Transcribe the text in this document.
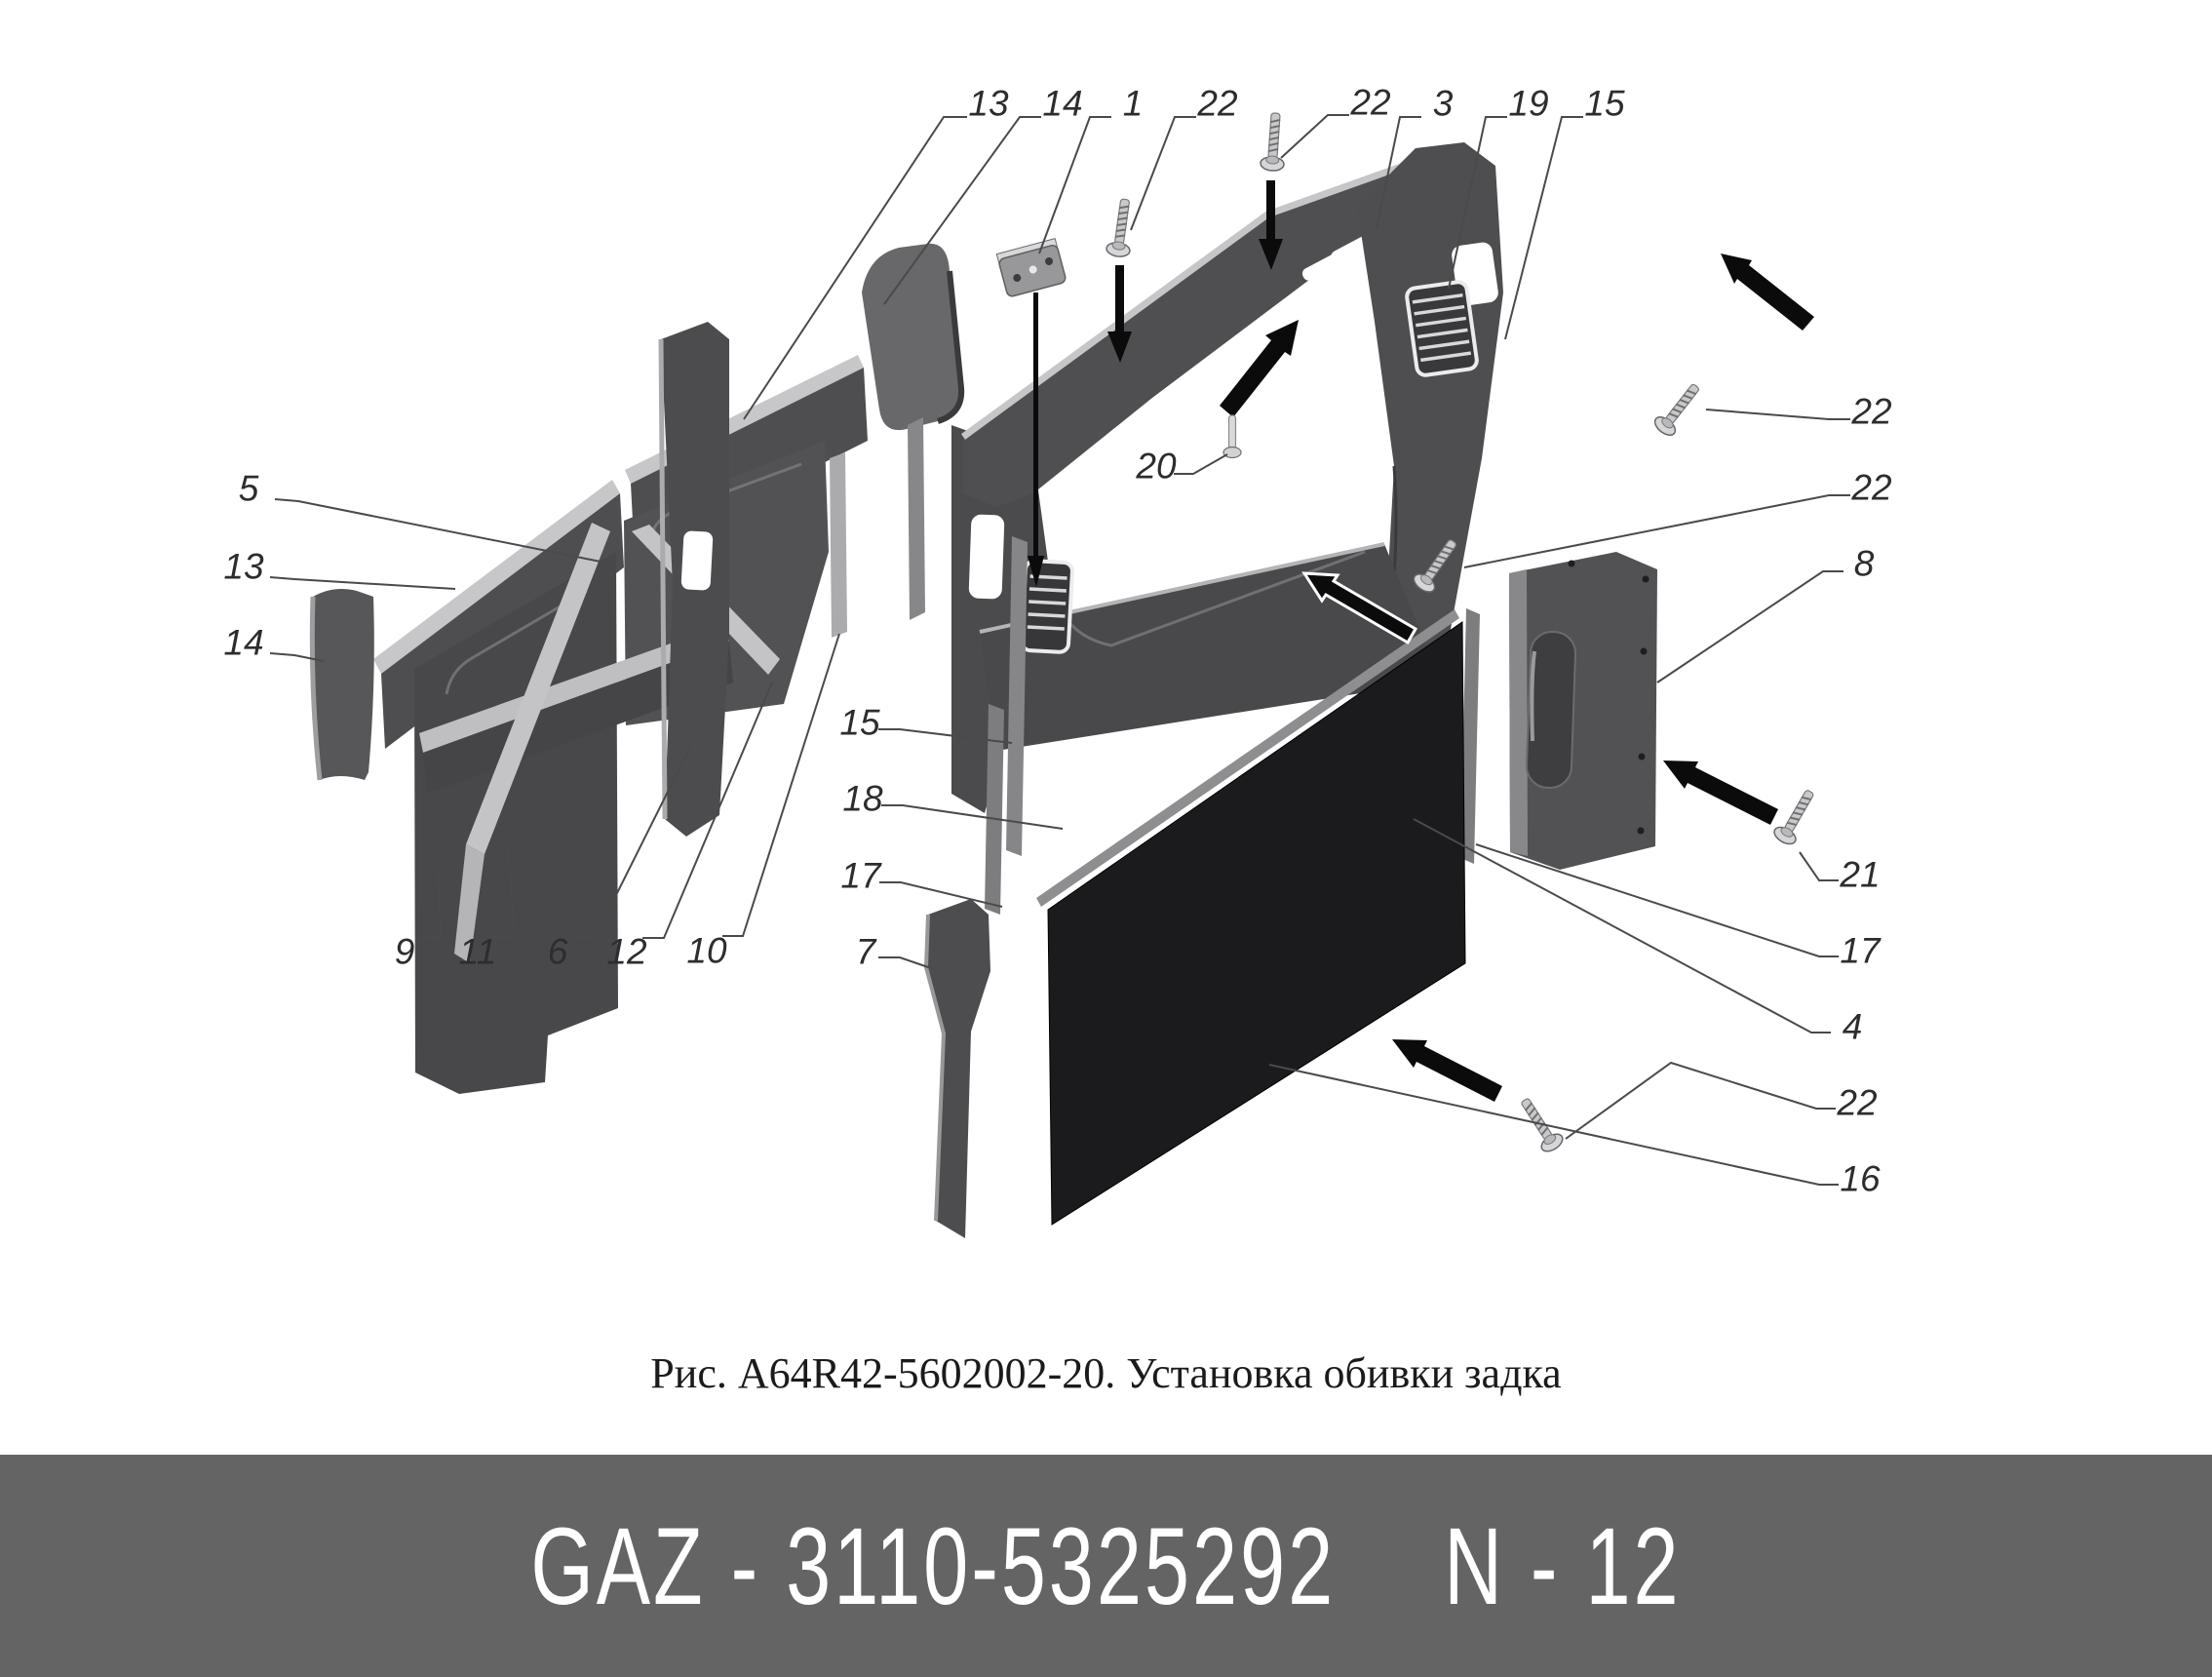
13 14 1 22	22 3 19 15
5
13
14
9 11 6 12 10
15
18
17
7
20
22
22
8
21
17
4
22
16
Рис. А64R42-5602002-20. Установка обивки задка
GAZ - 3110-5325292 N - 12
